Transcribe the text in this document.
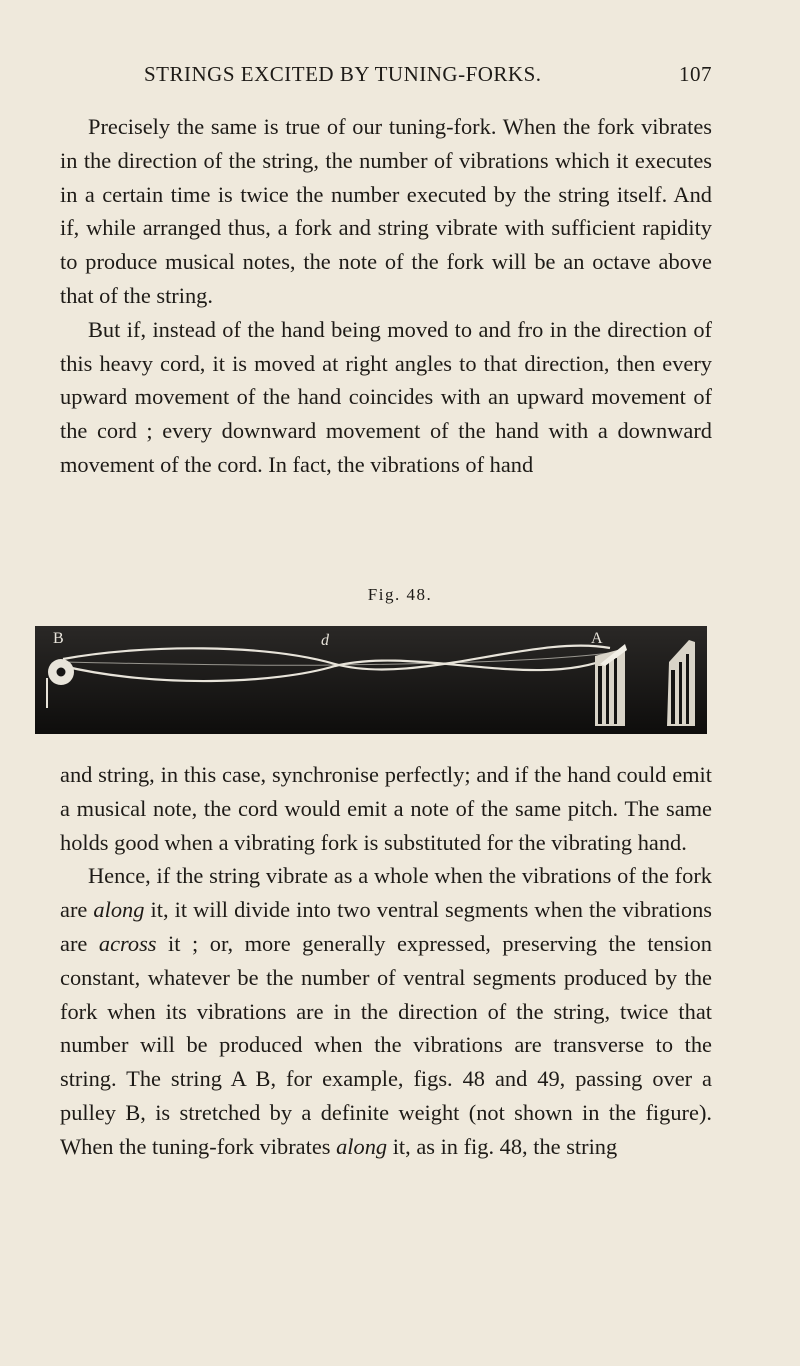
STRINGS EXCITED BY TUNING-FORKS.	107

Precisely the same is true of our tuning-fork. When the fork vibrates in the direction of the string, the number of vibrations which it executes in a certain time is twice the number executed by the string itself. And if, while arranged thus, a fork and string vibrate with sufficient rapidity to produce musical notes, the note of the fork will be an octave above that of the string.

But if, instead of the hand being moved to and fro in the direction of this heavy cord, it is moved at right angles to that direction, then every upward movement of the hand coincides with an upward movement of the cord ; every downward movement of the hand with a downward movement of the cord. In fact, the vibrations of hand

Fig. 48.
B	d	A

and string, in this case, synchronise perfectly; and if the hand could emit a musical note, the cord would emit a note of the same pitch. The same holds good when a vibrating fork is substituted for the vibrating hand.

Hence, if the string vibrate as a whole when the vibrations of the fork are along it, it will divide into two ventral segments when the vibrations are across it ; or, more generally expressed, preserving the tension constant, whatever be the number of ventral segments produced by the fork when its vibrations are in the direction of the string, twice that number will be produced when the vibrations are transverse to the string. The string A B, for example, figs. 48 and 49, passing over a pulley B, is stretched by a definite weight (not shown in the figure). When the tuning-fork vibrates along it, as in fig. 48, the string
